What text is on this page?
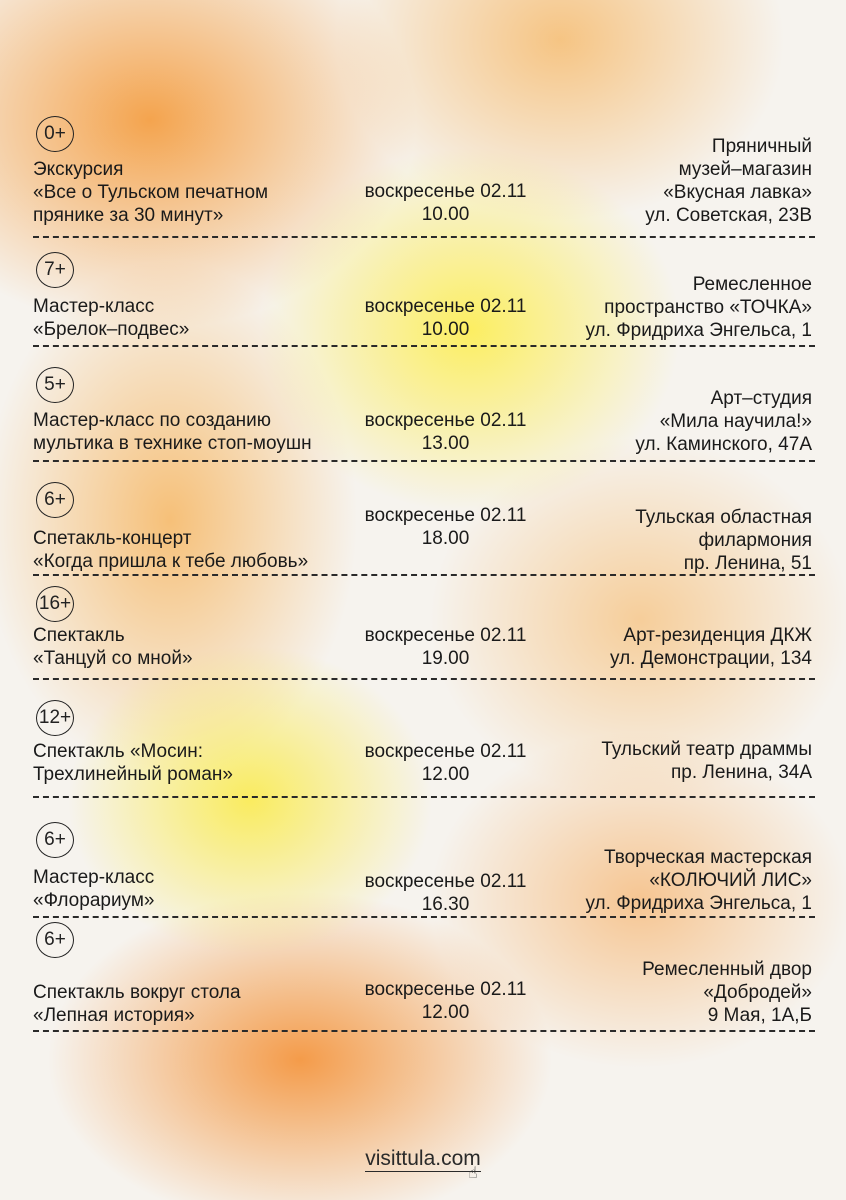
0+
Экскурсия
«Все о Тульском печатном
прянике за 30 минут»
воскресенье 02.11
10.00
Пряничный
музей–магазин
«Вкусная лавка»
ул. Советская, 23В
7+
Мастер-класс
«Брелок–подвес»
воскресенье 02.11
10.00
Ремесленное
пространство «ТОЧКА»
ул. Фридриха Энгельса, 1
5+
Мастер-класс по созданию
мультика в технике стоп-моушн
воскресенье 02.11
13.00
Арт–студия
«Мила научила!»
ул. Каминского, 47А
6+
Спетакль-концерт
«Когда пришла к тебе любовь»
воскресенье 02.11
18.00
Тульская областная
филармония
пр. Ленина, 51
16+
Спектакль
«Танцуй со мной»
воскресенье 02.11
19.00
Арт-резиденция ДКЖ
ул. Демонстрации, 134
12+
Спектакль «Мосин:
Трехлинейный роман»
воскресенье 02.11
12.00
Тульский театр драммы
пр. Ленина, 34А
6+
Мастер-класс
«Флорариум»
воскресенье 02.11
16.30
Творческая мастерская
«КОЛЮЧИЙ ЛИС»
ул. Фридриха Энгельса, 1
6+
Спектакль вокруг стола
«Лепная история»
воскресенье 02.11
12.00
Ремесленный двор
«Добродей»
9 Мая, 1А,Б
visittula.com
☝
